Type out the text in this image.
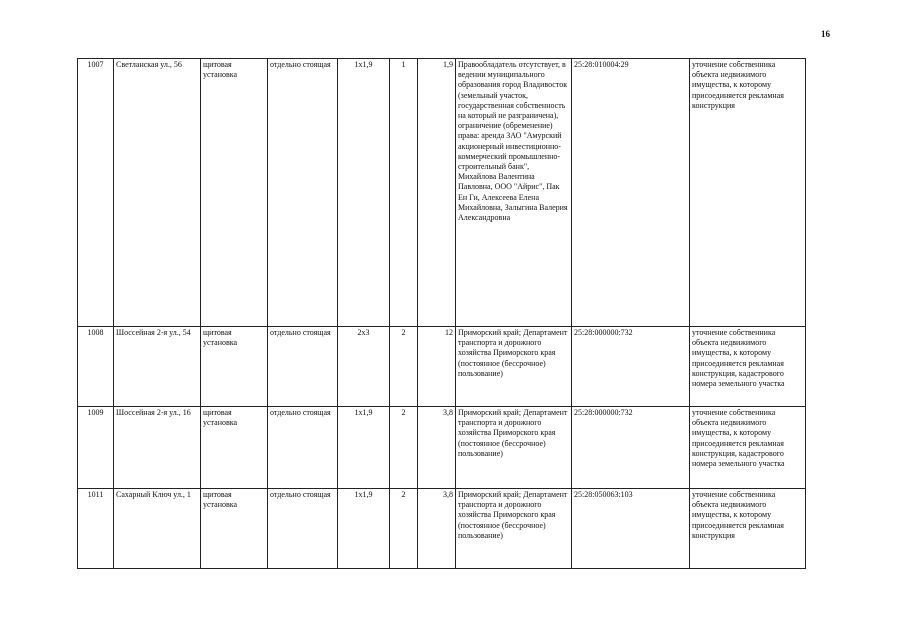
16
1007	Светланская ул., 56	щитовая установка	отдельно стоящая	1x1,9	1	1,9	Правообладатель отсутствует, в ведении муниципального образования город Владивосток (земельный участок, государственная собственность на который не разграничена), ограничение (обременение) права: аренда ЗАО "Амурский акционерный инвестиционно-коммерческий промышленно-строительный банк", Михайлова Валентина Павловна, ООО "Айрис", Пак Ен Ги, Алексеева Елена Михайловна, Залыгина Валерия Александровна	25:28:010004:29	уточнение собственника объекта недвижимого имущества, к которому присоединяется рекламная конструкция
1008	Шоссейная 2-я ул., 54	щитовая установка	отдельно стоящая	2x3	2	12	Приморский край; Департамент транспорта и дорожного хозяйства Приморского края (постоянное (бессрочное) пользование)	25:28:000000:732	уточнение собственника объекта недвижимого имущества, к которому присоединяется рекламная конструкция, кадастрового номера земельного участка
1009	Шоссейная 2-я ул., 16	щитовая установка	отдельно стоящая	1x1,9	2	3,8	Приморский край; Департамент транспорта и дорожного хозяйства Приморского края (постоянное (бессрочное) пользование)	25:28:000000:732	уточнение собственника объекта недвижимого имущества, к которому присоединяется рекламная конструкция, кадастрового номера земельного участка
1011	Сахарный Ключ ул., 1	щитовая установка	отдельно стоящая	1x1,9	2	3,8	Приморский край; Департамент транспорта и дорожного хозяйства Приморского края (постоянное (бессрочное) пользование)	25:28:050063:103	уточнение собственника объекта недвижимого имущества, к которому присоединяется рекламная конструкция
